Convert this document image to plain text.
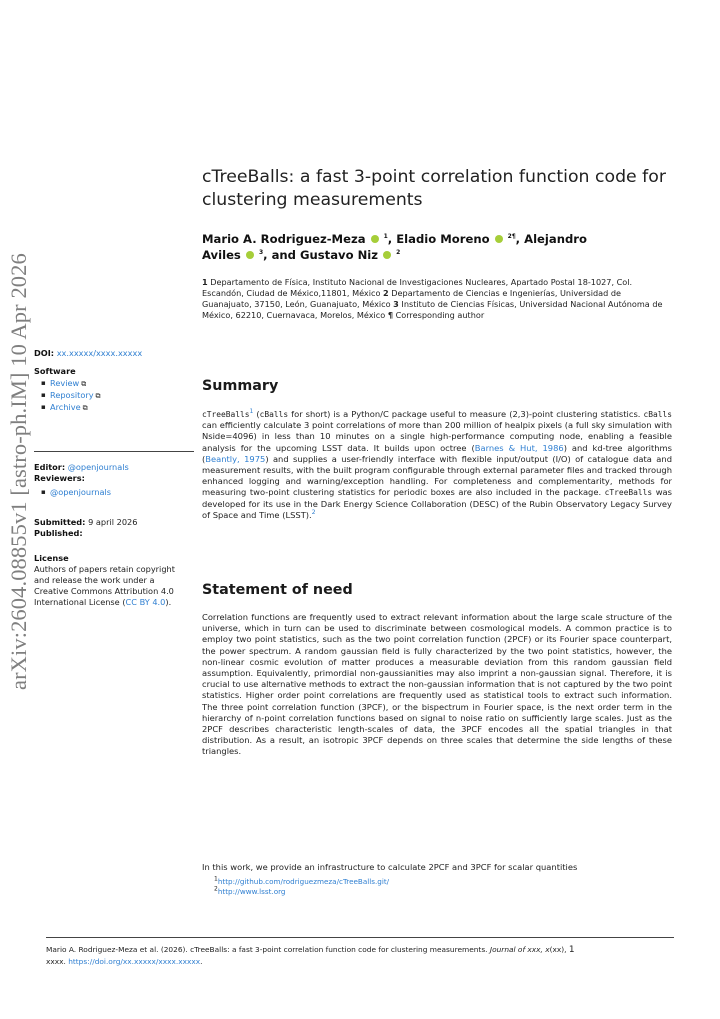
arXiv:2604.08855v1 [astro-ph.IM] 10 Apr 2026
cTreeBalls: a fast 3-point correlation function code for clustering measurements
Mario A. Rodriguez-Meza	$^1$, Eladio Moreno	$^{2\P}$, Alejandro
Aviles	$^3$, and Gustavo Niz	$^2$
1 Departamento de Física, Instituto Nacional de Investigaciones Nucleares, Apartado Postal 18-1027, Col. Escandón, Ciudad de México,11801, México 2 Departamento de Ciencias e Ingenierías, Universidad de Guanajuato, 37150, León, Guanajuato, México 3 Instituto de Ciencias Físicas, Universidad Nacional Autónoma de México, 62210, Cuernavaca, Morelos, México ¶ Corresponding author
DOI: xx.xxxxx/xxxx.xxxxx
Software
▪ Review ⧉
▪ Repository ⧉
▪ Archive ⧉
Editor: @openjournals
Reviewers:
▪ @openjournals
Submitted: 9 april 2026
Published:
License
Authors of papers retain copyright and release the work under a Creative Commons Attribution 4.0 International License (CC BY 4.0).
Summary
cTreeBalls$^1$ (cBalls for short) is a Python/C package useful to measure (2,3)-point clustering statistics. cBalls can efficiently calculate 3 point correlations of more than 200 million of healpix pixels (a full sky simulation with Nside=4096) in less than 10 minutes on a single high-performance computing node, enabling a feasible analysis for the upcoming LSST data. It builds upon octree (Barnes & Hut, 1986) and kd-tree algorithms (Beantly, 1975) and supplies a user-friendly interface with flexible input/output (I/O) of catalogue data and measurement results, with the built program configurable through external parameter files and tracked through enhanced logging and warning/exception handling. For completeness and complementarity, methods for measuring two-point clustering statistics for periodic boxes are also included in the package. cTreeBalls was developed for its use in the Dark Energy Science Collaboration (DESC) of the Rubin Observatory Legacy Survey of Space and Time (LSST).$^2$
Statement of need
Correlation functions are frequently used to extract relevant information about the large scale structure of the universe, which in turn can be used to discriminate between cosmological models. A common practice is to employ two point statistics, such as the two point correlation function (2PCF) or its Fourier space counterpart, the power spectrum. A random gaussian field is fully characterized by the two point statistics, however, the non-linear cosmic evolution of matter produces a measurable deviation from this random gaussian field assumption. Equivalently, primordial non-gaussianities may also imprint a non-gaussian signal. Therefore, it is crucial to use alternative methods to extract the non-gaussian information that is not captured by the two point statistics. Higher order point correlations are frequently used as statistical tools to extract such information. The three point correlation function (3PCF), or the bispectrum in Fourier space, is the next order term in the hierarchy of n-point correlation functions based on signal to noise ratio on sufficiently large scales. Just as the 2PCF describes characteristic length-scales of data, the 3PCF encodes all the spatial triangles in that distribution. As a result, an isotropic 3PCF depends on three scales that determine the side lengths of these triangles.
In this work, we provide an infrastructure to calculate 2PCF and 3PCF for scalar quantities
$^1$http://github.com/rodriguezmeza/cTreeBalls.git/
$^2$http://www.lsst.org
Mario A. Rodriguez-Meza et al. (2026). cTreeBalls: a fast 3-point correlation function code for clustering measurements. Journal of xxx, x(xx), 1
xxxx. https://doi.org/xx.xxxxx/xxxx.xxxxx.
